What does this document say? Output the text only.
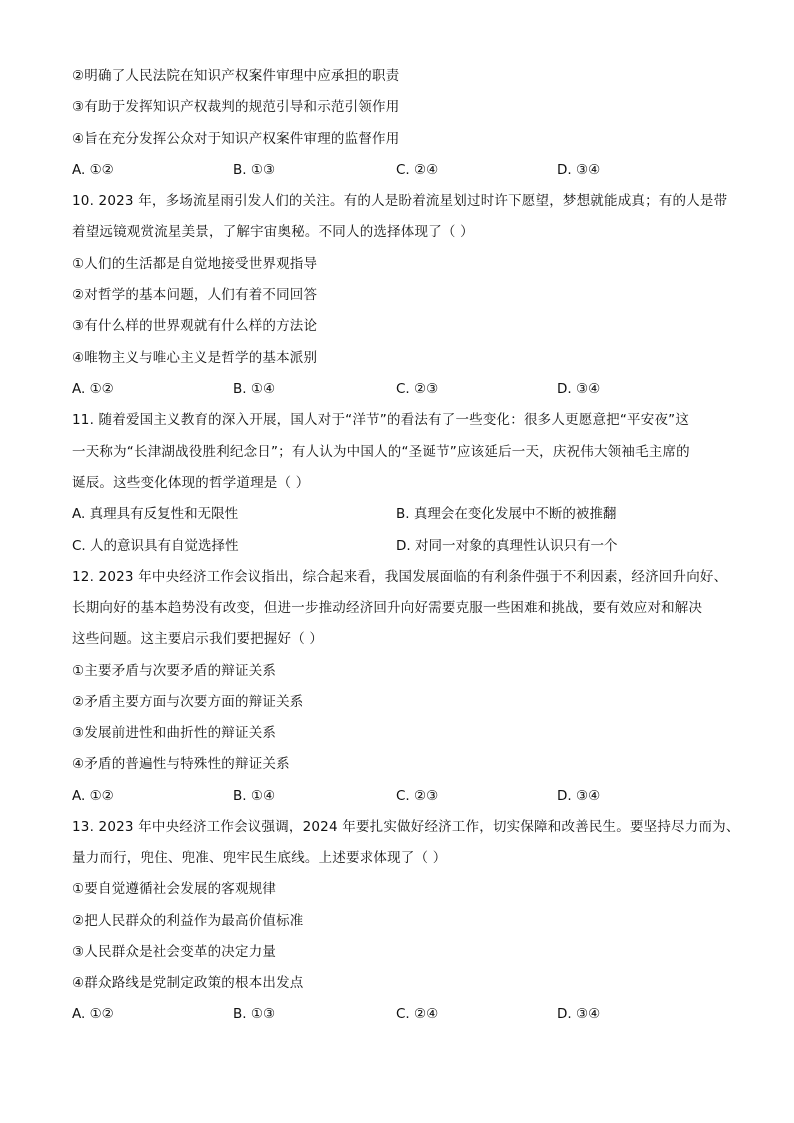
②明确了人民法院在知识产权案件审理中应承担的职责
③有助于发挥知识产权裁判的规范引导和示范引领作用
④旨在充分发挥公众对于知识产权案件审理的监督作用
A. ①②	B. ①③	C. ②④	D. ③④
10. 2023 年，多场流星雨引发人们的关注。有的人是盼着流星划过时许下愿望，梦想就能成真；有的人是带
着望远镜观赏流星美景，了解宇宙奥秘。不同人的选择体现了（ ）
①人们的生活都是自觉地接受世界观指导
②对哲学的基本问题，人们有着不同回答
③有什么样的世界观就有什么样的方法论
④唯物主义与唯心主义是哲学的基本派别
A. ①②	B. ①④	C. ②③	D. ③④
11. 随着爱国主义教育的深入开展，国人对于“洋节”的看法有了一些变化：很多人更愿意把“平安夜”这
一天称为“长津湖战役胜利纪念日”；有人认为中国人的“圣诞节”应该延后一天，庆祝伟大领袖毛主席的
诞辰。这些变化体现的哲学道理是（ ）
A. 真理具有反复性和无限性	B. 真理会在变化发展中不断的被推翻
C. 人的意识具有自觉选择性	D. 对同一对象的真理性认识只有一个
12. 2023 年中央经济工作会议指出，综合起来看，我国发展面临的有利条件强于不利因素，经济回升向好、
长期向好的基本趋势没有改变，但进一步推动经济回升向好需要克服一些困难和挑战，要有效应对和解决
这些问题。这主要启示我们要把握好（ ）
①主要矛盾与次要矛盾的辩证关系
②矛盾主要方面与次要方面的辩证关系
③发展前进性和曲折性的辩证关系
④矛盾的普遍性与特殊性的辩证关系
A. ①②	B. ①④	C. ②③	D. ③④
13. 2023 年中央经济工作会议强调，2024 年要扎实做好经济工作，切实保障和改善民生。要坚持尽力而为、
量力而行，兜住、兜准、兜牢民生底线。上述要求体现了（ ）
①要自觉遵循社会发展的客观规律
②把人民群众的利益作为最高价值标准
③人民群众是社会变革的决定力量
④群众路线是党制定政策的根本出发点
A. ①②	B. ①③	C. ②④	D. ③④
